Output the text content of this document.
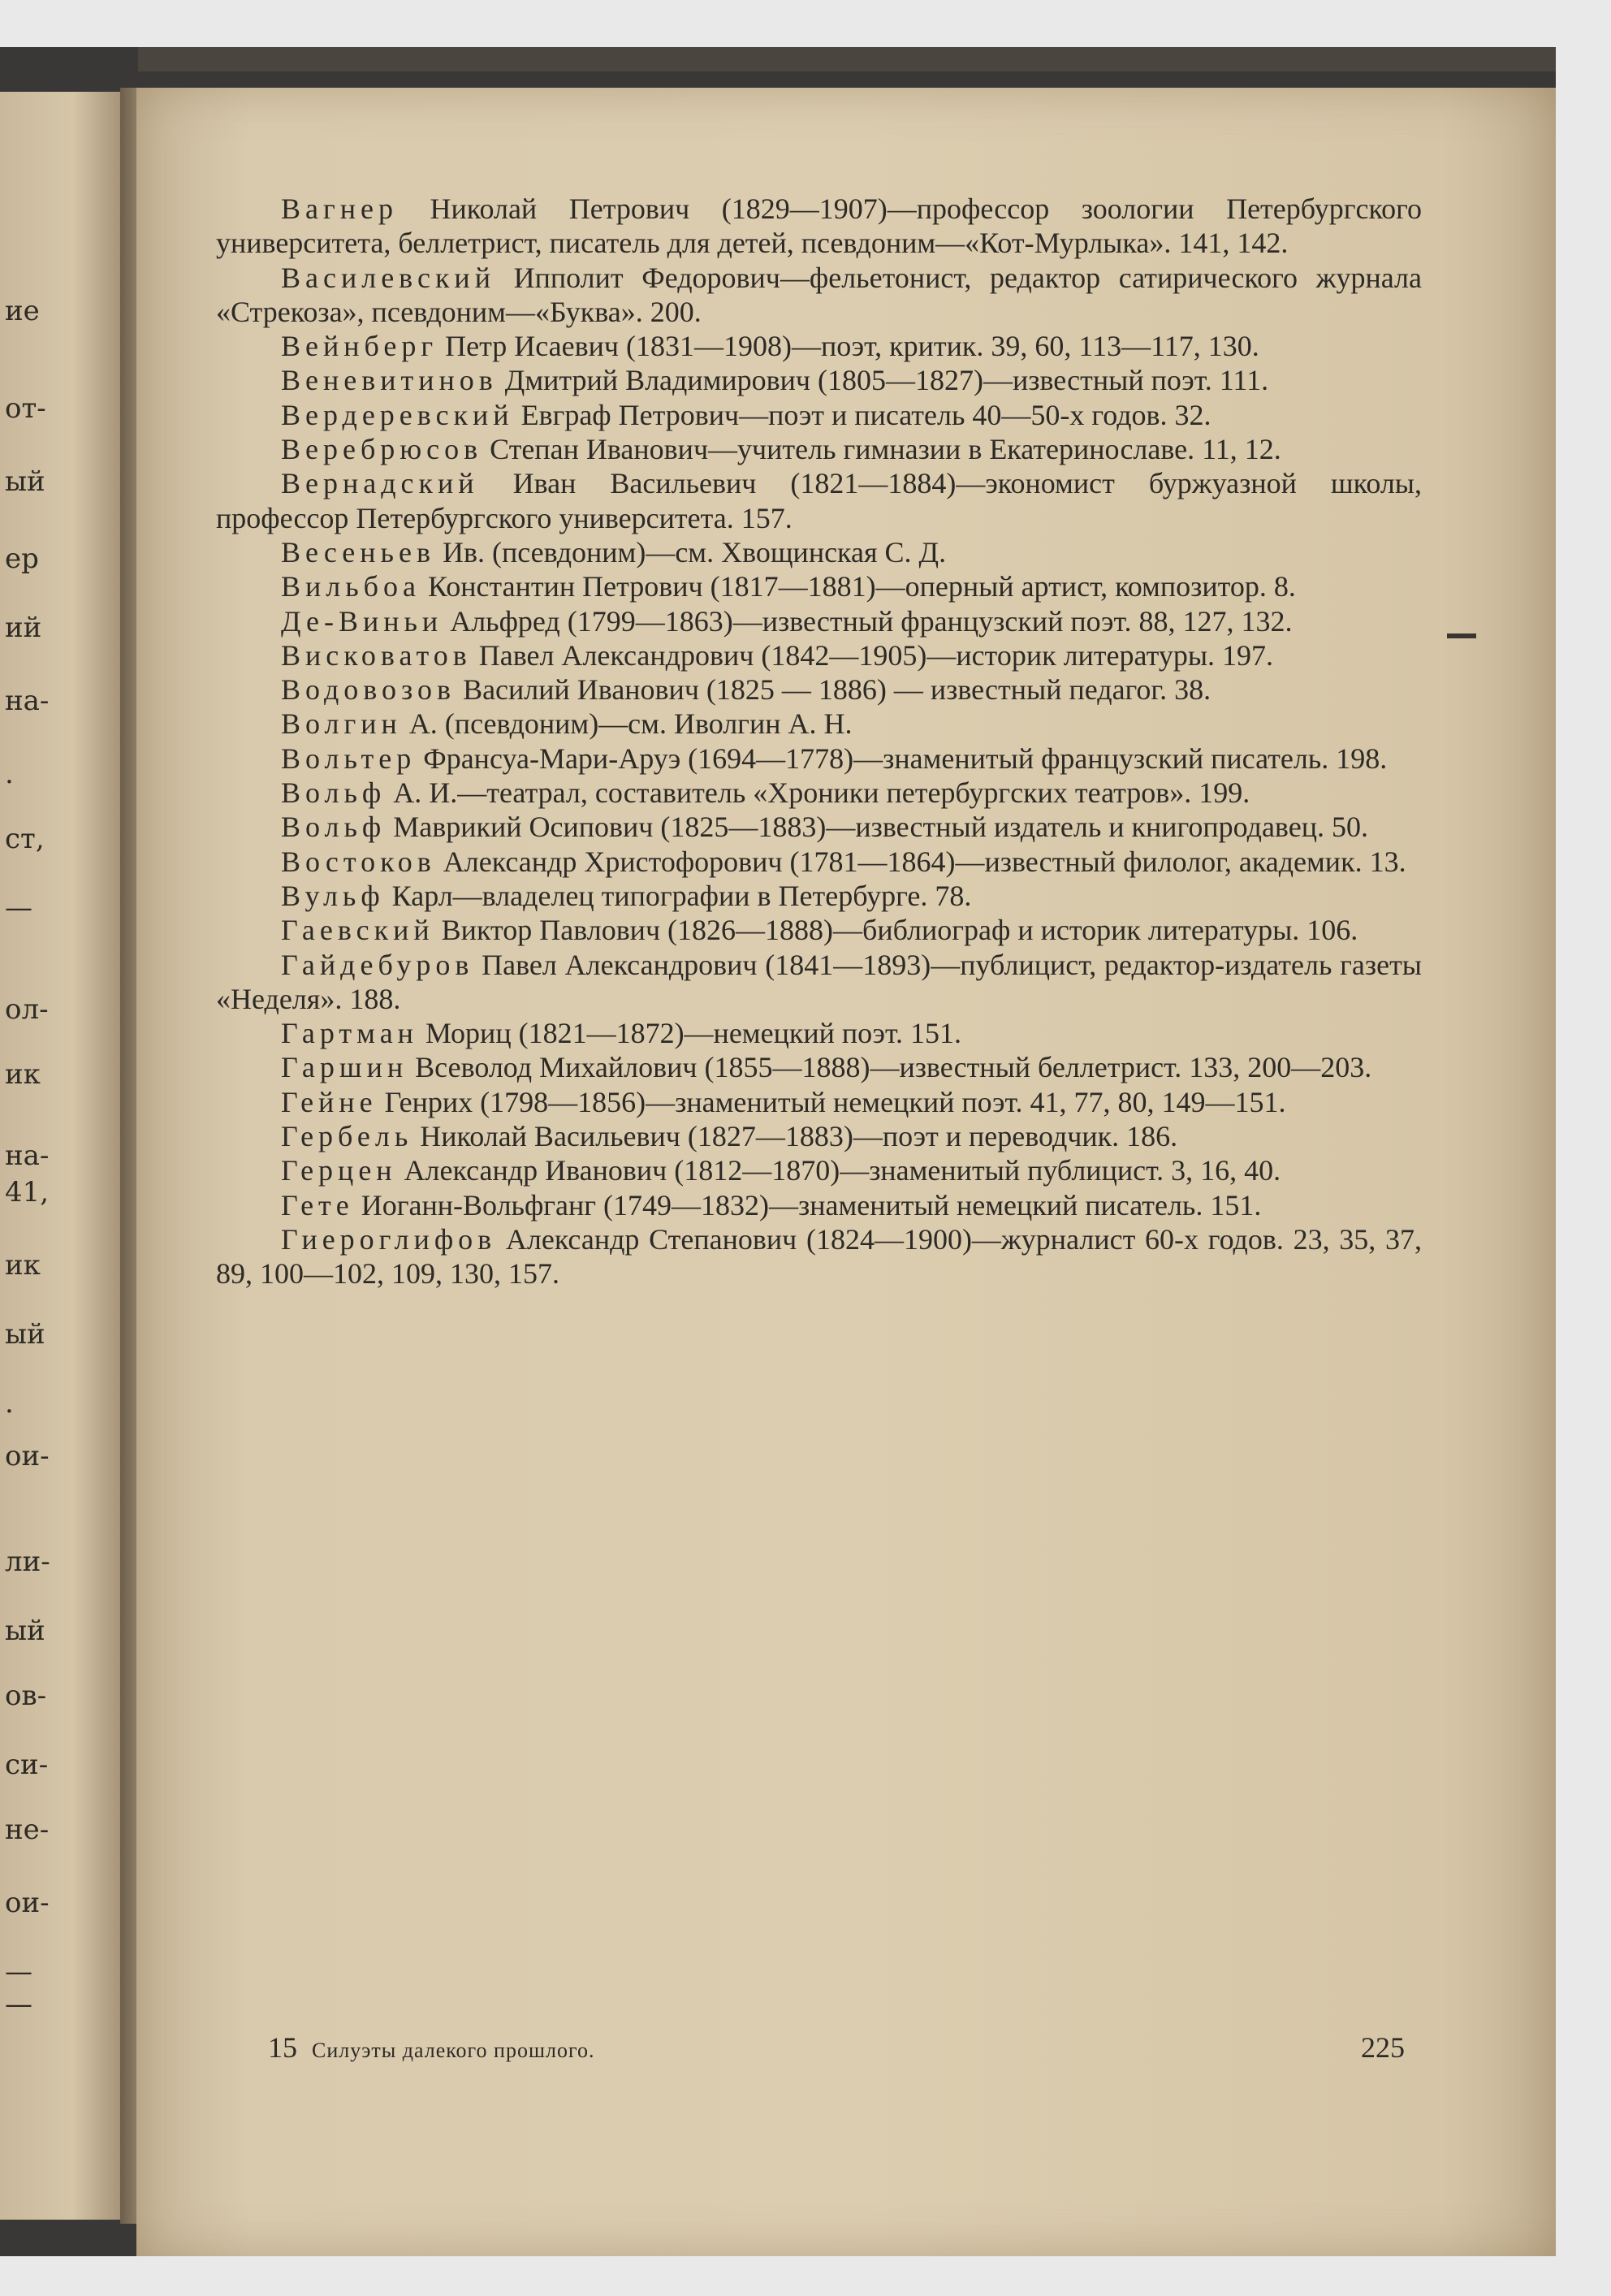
ие
от-
ый
ер
ий
на-
.
ст,
—
ол-
ик
на-
41,
ик
ый
.
ои-
ли-
ый
ов-
си-
не-
ои-
—
—

Вагнер Николай Петрович (1829—1907)—профессор зоологии Петербургского университета, беллетрист, писатель для детей, псевдоним—«Кот-Мурлыка». 141, 142.

Василевский Ипполит Федорович—фельетонист, редактор сатирического журнала «Стрекоза», псевдоним—«Буква». 200.

Вейнберг Петр Исаевич (1831—1908)—поэт, критик. 39, 60, 113—117, 130.

Веневитинов Дмитрий Владимирович (1805—1827)—известный поэт. 111.

Вердеревский Евграф Петрович—поэт и писатель 40—50-х годов. 32.

Веребрюсов Степан Иванович—учитель гимназии в Екатеринославе. 11, 12.

Вернадский Иван Васильевич (1821—1884)—экономист буржуазной школы, профессор Петербургского университета. 157.

Весеньев Ив. (псевдоним)—см. Хвощинская С. Д.

Вильбоа Константин Петрович (1817—1881)—оперный артист, композитор. 8.

Де-Виньи Альфред (1799—1863)—известный французский поэт. 88, 127, 132.

Висковатов Павел Александрович (1842—1905)—историк литературы. 197.

Водовозов Василий Иванович (1825 — 1886) — известный педагог. 38.

Волгин А. (псевдоним)—см. Иволгин А. Н.

Вольтер Франсуа-Мари-Аруэ (1694—1778)—знаменитый французский писатель. 198.

Вольф А. И.—театрал, составитель «Хроники петербургских театров». 199.

Вольф Маврикий Осипович (1825—1883)—известный издатель и книгопродавец. 50.

Востоков Александр Христофорович (1781—1864)—известный филолог, академик. 13.

Вульф Карл—владелец типографии в Петербурге. 78.

Гаевский Виктор Павлович (1826—1888)—библиограф и историк литературы. 106.

Гайдебуров Павел Александрович (1841—1893)—публицист, редактор-издатель газеты «Неделя». 188.

Гартман Мориц (1821—1872)—немецкий поэт. 151.

Гаршин Всеволод Михайлович (1855—1888)—известный беллетрист. 133, 200—203.

Гейне Генрих (1798—1856)—знаменитый немецкий поэт. 41, 77, 80, 149—151.

Гербель Николай Васильевич (1827—1883)—поэт и переводчик. 186.

Герцен Александр Иванович (1812—1870)—знаменитый публицист. 3, 16, 40.

Гете Иоганн-Вольфганг (1749—1832)—знаменитый немецкий писатель. 151.

Гиероглифов Александр Степанович (1824—1900)—журналист 60-х годов. 23, 35, 37, 89, 100—102, 109, 130, 157.

15 Силуэты далекого прошлого.	225
